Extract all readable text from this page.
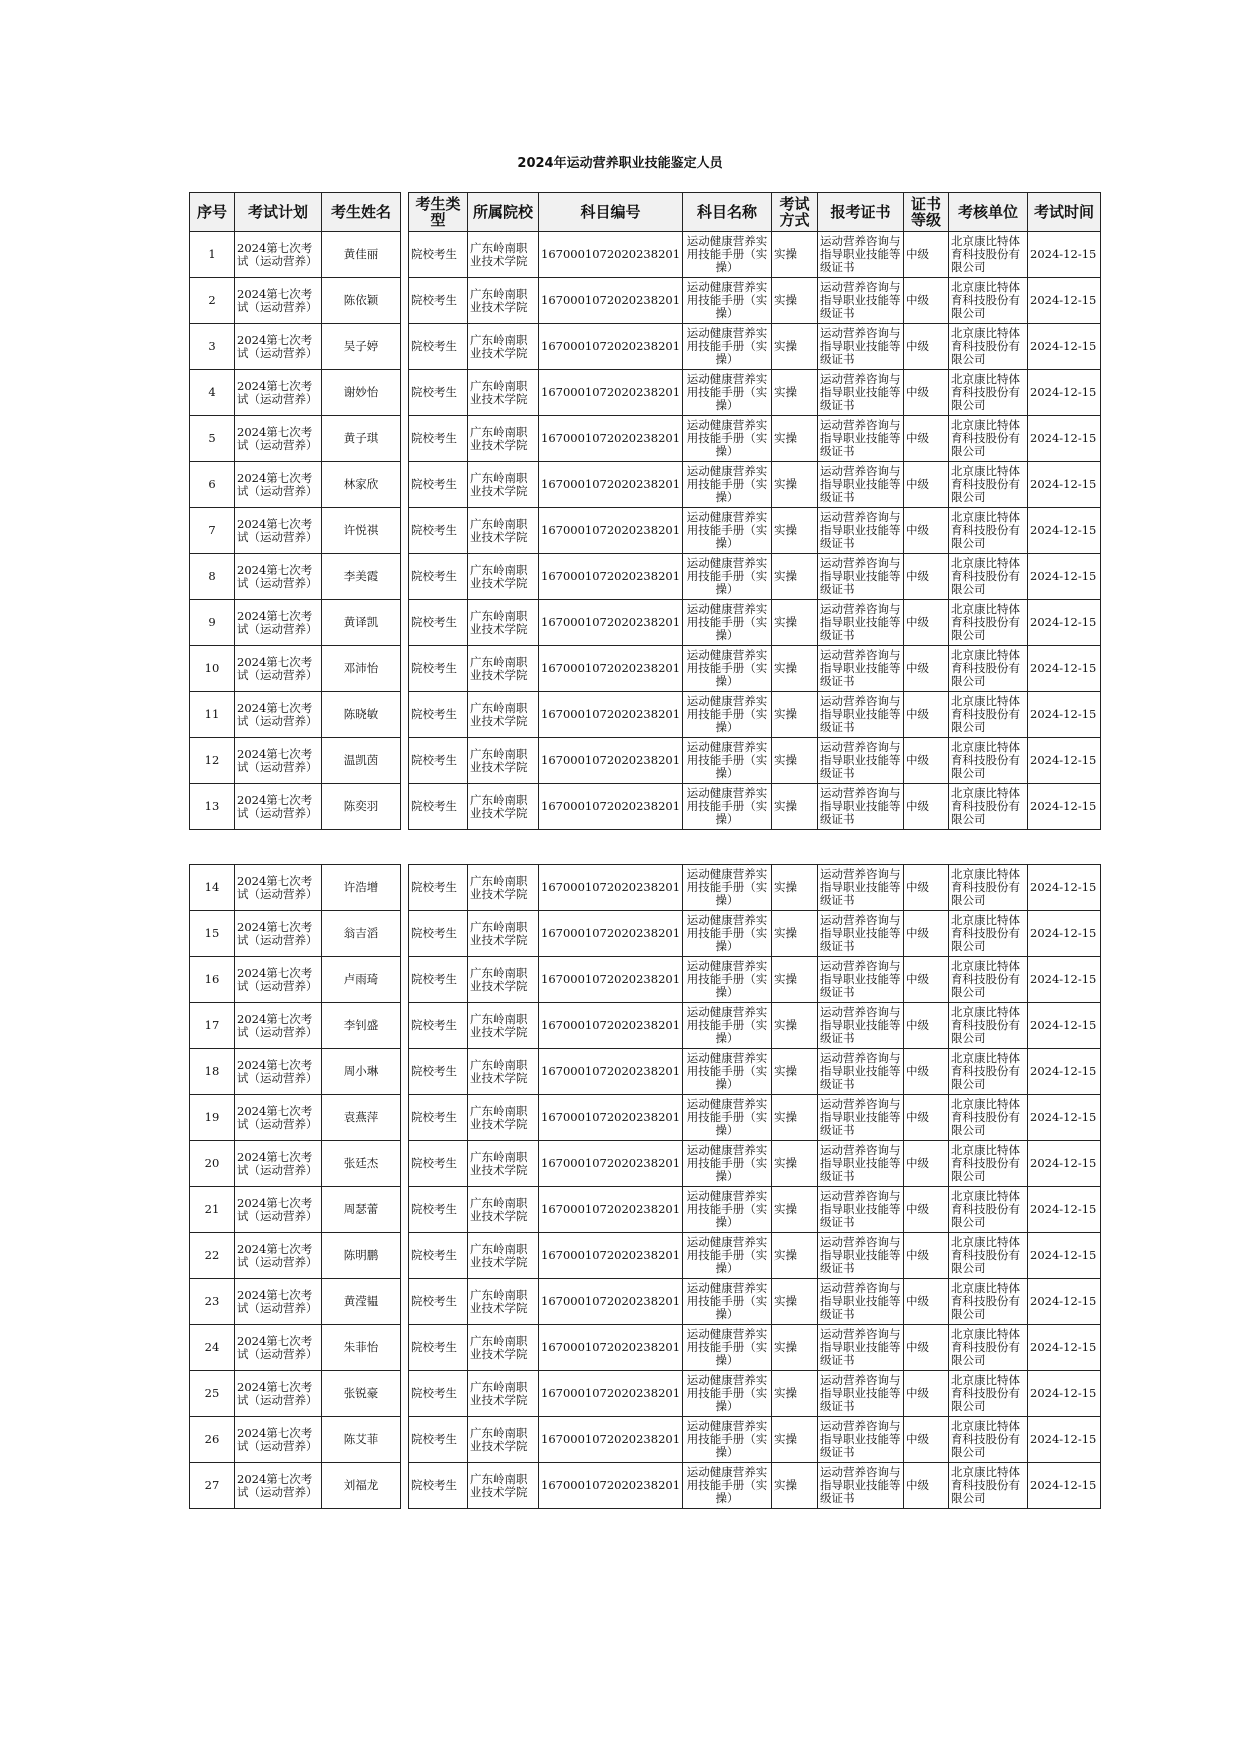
2024年运动营养职业技能鉴定人员
序号	考试计划	考生姓名		考生类型	所属院校	科目编号	科目名称	考试方式	报考证书	证书等级	考核单位	考试时间
1	2024第七次考试（运动营养）	黄佳丽		院校考生	广东岭南职业技术学院	1670001072020238201	运动健康营养实用技能手册（实操）	实操	运动营养咨询与指导职业技能等级证书	中级	北京康比特体育科技股份有限公司	2024-12-15
2	2024第七次考试（运动营养）	陈依颖		院校考生	广东岭南职业技术学院	1670001072020238201	运动健康营养实用技能手册（实操）	实操	运动营养咨询与指导职业技能等级证书	中级	北京康比特体育科技股份有限公司	2024-12-15
3	2024第七次考试（运动营养）	吴子婷		院校考生	广东岭南职业技术学院	1670001072020238201	运动健康营养实用技能手册（实操）	实操	运动营养咨询与指导职业技能等级证书	中级	北京康比特体育科技股份有限公司	2024-12-15
4	2024第七次考试（运动营养）	谢妙怡		院校考生	广东岭南职业技术学院	1670001072020238201	运动健康营养实用技能手册（实操）	实操	运动营养咨询与指导职业技能等级证书	中级	北京康比特体育科技股份有限公司	2024-12-15
5	2024第七次考试（运动营养）	黄子琪		院校考生	广东岭南职业技术学院	1670001072020238201	运动健康营养实用技能手册（实操）	实操	运动营养咨询与指导职业技能等级证书	中级	北京康比特体育科技股份有限公司	2024-12-15
6	2024第七次考试（运动营养）	林家欣		院校考生	广东岭南职业技术学院	1670001072020238201	运动健康营养实用技能手册（实操）	实操	运动营养咨询与指导职业技能等级证书	中级	北京康比特体育科技股份有限公司	2024-12-15
7	2024第七次考试（运动营养）	许悦祺		院校考生	广东岭南职业技术学院	1670001072020238201	运动健康营养实用技能手册（实操）	实操	运动营养咨询与指导职业技能等级证书	中级	北京康比特体育科技股份有限公司	2024-12-15
8	2024第七次考试（运动营养）	李美霞		院校考生	广东岭南职业技术学院	1670001072020238201	运动健康营养实用技能手册（实操）	实操	运动营养咨询与指导职业技能等级证书	中级	北京康比特体育科技股份有限公司	2024-12-15
9	2024第七次考试（运动营养）	黄译凯		院校考生	广东岭南职业技术学院	1670001072020238201	运动健康营养实用技能手册（实操）	实操	运动营养咨询与指导职业技能等级证书	中级	北京康比特体育科技股份有限公司	2024-12-15
10	2024第七次考试（运动营养）	邓沛怡		院校考生	广东岭南职业技术学院	1670001072020238201	运动健康营养实用技能手册（实操）	实操	运动营养咨询与指导职业技能等级证书	中级	北京康比特体育科技股份有限公司	2024-12-15
11	2024第七次考试（运动营养）	陈晓敏		院校考生	广东岭南职业技术学院	1670001072020238201	运动健康营养实用技能手册（实操）	实操	运动营养咨询与指导职业技能等级证书	中级	北京康比特体育科技股份有限公司	2024-12-15
12	2024第七次考试（运动营养）	温凯茵		院校考生	广东岭南职业技术学院	1670001072020238201	运动健康营养实用技能手册（实操）	实操	运动营养咨询与指导职业技能等级证书	中级	北京康比特体育科技股份有限公司	2024-12-15
13	2024第七次考试（运动营养）	陈奕羽		院校考生	广东岭南职业技术学院	1670001072020238201	运动健康营养实用技能手册（实操）	实操	运动营养咨询与指导职业技能等级证书	中级	北京康比特体育科技股份有限公司	2024-12-15
14	2024第七次考试（运动营养）	许浩增		院校考生	广东岭南职业技术学院	1670001072020238201	运动健康营养实用技能手册（实操）	实操	运动营养咨询与指导职业技能等级证书	中级	北京康比特体育科技股份有限公司	2024-12-15
15	2024第七次考试（运动营养）	翁吉滔		院校考生	广东岭南职业技术学院	1670001072020238201	运动健康营养实用技能手册（实操）	实操	运动营养咨询与指导职业技能等级证书	中级	北京康比特体育科技股份有限公司	2024-12-15
16	2024第七次考试（运动营养）	卢雨琦		院校考生	广东岭南职业技术学院	1670001072020238201	运动健康营养实用技能手册（实操）	实操	运动营养咨询与指导职业技能等级证书	中级	北京康比特体育科技股份有限公司	2024-12-15
17	2024第七次考试（运动营养）	李钊盛		院校考生	广东岭南职业技术学院	1670001072020238201	运动健康营养实用技能手册（实操）	实操	运动营养咨询与指导职业技能等级证书	中级	北京康比特体育科技股份有限公司	2024-12-15
18	2024第七次考试（运动营养）	周小琳		院校考生	广东岭南职业技术学院	1670001072020238201	运动健康营养实用技能手册（实操）	实操	运动营养咨询与指导职业技能等级证书	中级	北京康比特体育科技股份有限公司	2024-12-15
19	2024第七次考试（运动营养）	袁燕萍		院校考生	广东岭南职业技术学院	1670001072020238201	运动健康营养实用技能手册（实操）	实操	运动营养咨询与指导职业技能等级证书	中级	北京康比特体育科技股份有限公司	2024-12-15
20	2024第七次考试（运动营养）	张廷杰		院校考生	广东岭南职业技术学院	1670001072020238201	运动健康营养实用技能手册（实操）	实操	运动营养咨询与指导职业技能等级证书	中级	北京康比特体育科技股份有限公司	2024-12-15
21	2024第七次考试（运动营养）	周瑟蕾		院校考生	广东岭南职业技术学院	1670001072020238201	运动健康营养实用技能手册（实操）	实操	运动营养咨询与指导职业技能等级证书	中级	北京康比特体育科技股份有限公司	2024-12-15
22	2024第七次考试（运动营养）	陈明鹏		院校考生	广东岭南职业技术学院	1670001072020238201	运动健康营养实用技能手册（实操）	实操	运动营养咨询与指导职业技能等级证书	中级	北京康比特体育科技股份有限公司	2024-12-15
23	2024第七次考试（运动营养）	黄滢韫		院校考生	广东岭南职业技术学院	1670001072020238201	运动健康营养实用技能手册（实操）	实操	运动营养咨询与指导职业技能等级证书	中级	北京康比特体育科技股份有限公司	2024-12-15
24	2024第七次考试（运动营养）	朱菲怡		院校考生	广东岭南职业技术学院	1670001072020238201	运动健康营养实用技能手册（实操）	实操	运动营养咨询与指导职业技能等级证书	中级	北京康比特体育科技股份有限公司	2024-12-15
25	2024第七次考试（运动营养）	张锐豪		院校考生	广东岭南职业技术学院	1670001072020238201	运动健康营养实用技能手册（实操）	实操	运动营养咨询与指导职业技能等级证书	中级	北京康比特体育科技股份有限公司	2024-12-15
26	2024第七次考试（运动营养）	陈艾菲		院校考生	广东岭南职业技术学院	1670001072020238201	运动健康营养实用技能手册（实操）	实操	运动营养咨询与指导职业技能等级证书	中级	北京康比特体育科技股份有限公司	2024-12-15
27	2024第七次考试（运动营养）	刘福龙		院校考生	广东岭南职业技术学院	1670001072020238201	运动健康营养实用技能手册（实操）	实操	运动营养咨询与指导职业技能等级证书	中级	北京康比特体育科技股份有限公司	2024-12-15
